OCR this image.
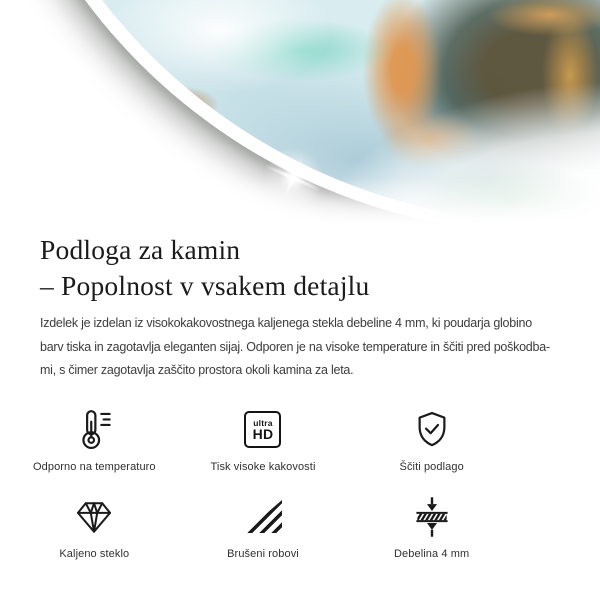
Podloga za kamin
– Popolnost v vsakem detajlu
Izdelek je izdelan iz visokokakovostnega kaljenega stekla debeline 4 mm, ki poudarja globino
barv tiska in zagotavlja eleganten sijaj. Odporen je na visoke temperature in ščiti pred poškodba-
mi, s čimer zagotavlja zaščito prostora okoli kamina za leta.
Odporno na temperaturo
ultra
HD
Tisk visoke kakovosti	Ščiti podlago
Kaljeno steklo	Brušeni robovi	Debelina 4 mm
